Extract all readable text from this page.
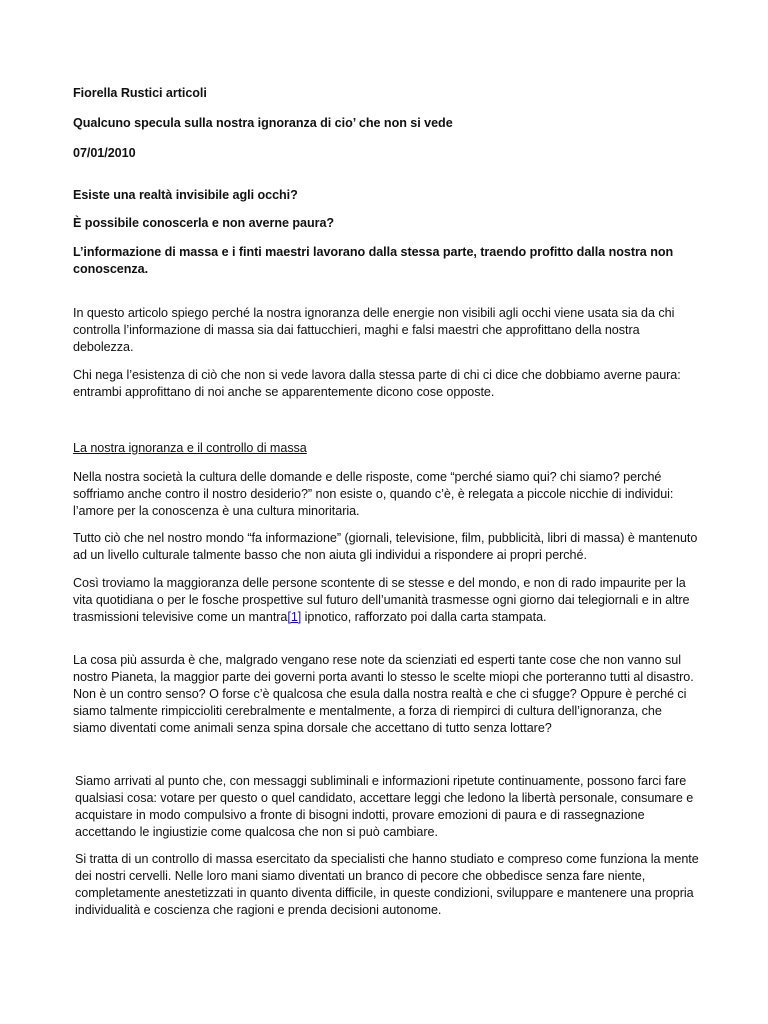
Fiorella Rustici articoli

Qualcuno specula sulla nostra ignoranza di cio’ che non si vede

07/01/2010

Esiste una realtà invisibile agli occhi?

È possibile conoscerla e non averne paura?

L’informazione di massa e i finti maestri lavorano dalla stessa parte, traendo profitto dalla nostra non conoscenza.

In questo articolo spiego perché la nostra ignoranza delle energie non visibili agli occhi viene usata sia da chi controlla l’informazione di massa sia dai fattucchieri, maghi e falsi maestri che approfittano della nostra debolezza.

Chi nega l’esistenza di ciò che non si vede lavora dalla stessa parte di chi ci dice che dobbiamo averne paura: entrambi approfittano di noi anche se apparentemente dicono cose opposte.

La nostra ignoranza e il controllo di massa

Nella nostra società la cultura delle domande e delle risposte, come “perché siamo qui? chi siamo? perché soffriamo anche contro il nostro desiderio?” non esiste o, quando c’è, è relegata a piccole nicchie di individui: l’amore per la conoscenza è una cultura minoritaria.

Tutto ciò che nel nostro mondo “fa informazione” (giornali, televisione, film, pubblicità, libri di massa) è mantenuto ad un livello culturale talmente basso che non aiuta gli individui a rispondere ai propri perché.

Così troviamo la maggioranza delle persone scontente di se stesse e del mondo, e non di rado impaurite per la vita quotidiana o per le fosche prospettive sul futuro dell’umanità trasmesse ogni giorno dai telegiornali e in altre trasmissioni televisive come un mantra[1] ipnotico, rafforzato poi dalla carta stampata.

La cosa più assurda è che, malgrado vengano rese note da scienziati ed esperti tante cose che non vanno sul nostro Pianeta, la maggior parte dei governi porta avanti lo stesso le scelte miopi che porteranno tutti al disastro. Non è un contro senso? O forse c’è qualcosa che esula dalla nostra realtà e che ci sfugge? Oppure è perché ci siamo talmente rimpiccioliti cerebralmente e mentalmente, a forza di riempirci di cultura dell’ignoranza, che siamo diventati come animali senza spina dorsale che accettano di tutto senza lottare?

Siamo arrivati al punto che, con messaggi subliminali e informazioni ripetute continuamente, possono farci fare qualsiasi cosa: votare per questo o quel candidato, accettare leggi che ledono la libertà personale, consumare e acquistare in modo compulsivo a fronte di bisogni indotti, provare emozioni di paura e di rassegnazione accettando le ingiustizie come qualcosa che non si può cambiare.

Si tratta di un controllo di massa esercitato da specialisti che hanno studiato e compreso come funziona la mente dei nostri cervelli. Nelle loro mani siamo diventati un branco di pecore che obbedisce senza fare niente, completamente anestetizzati in quanto diventa difficile, in queste condizioni, sviluppare e mantenere una propria individualità e coscienza che ragioni e prenda decisioni autonome.
